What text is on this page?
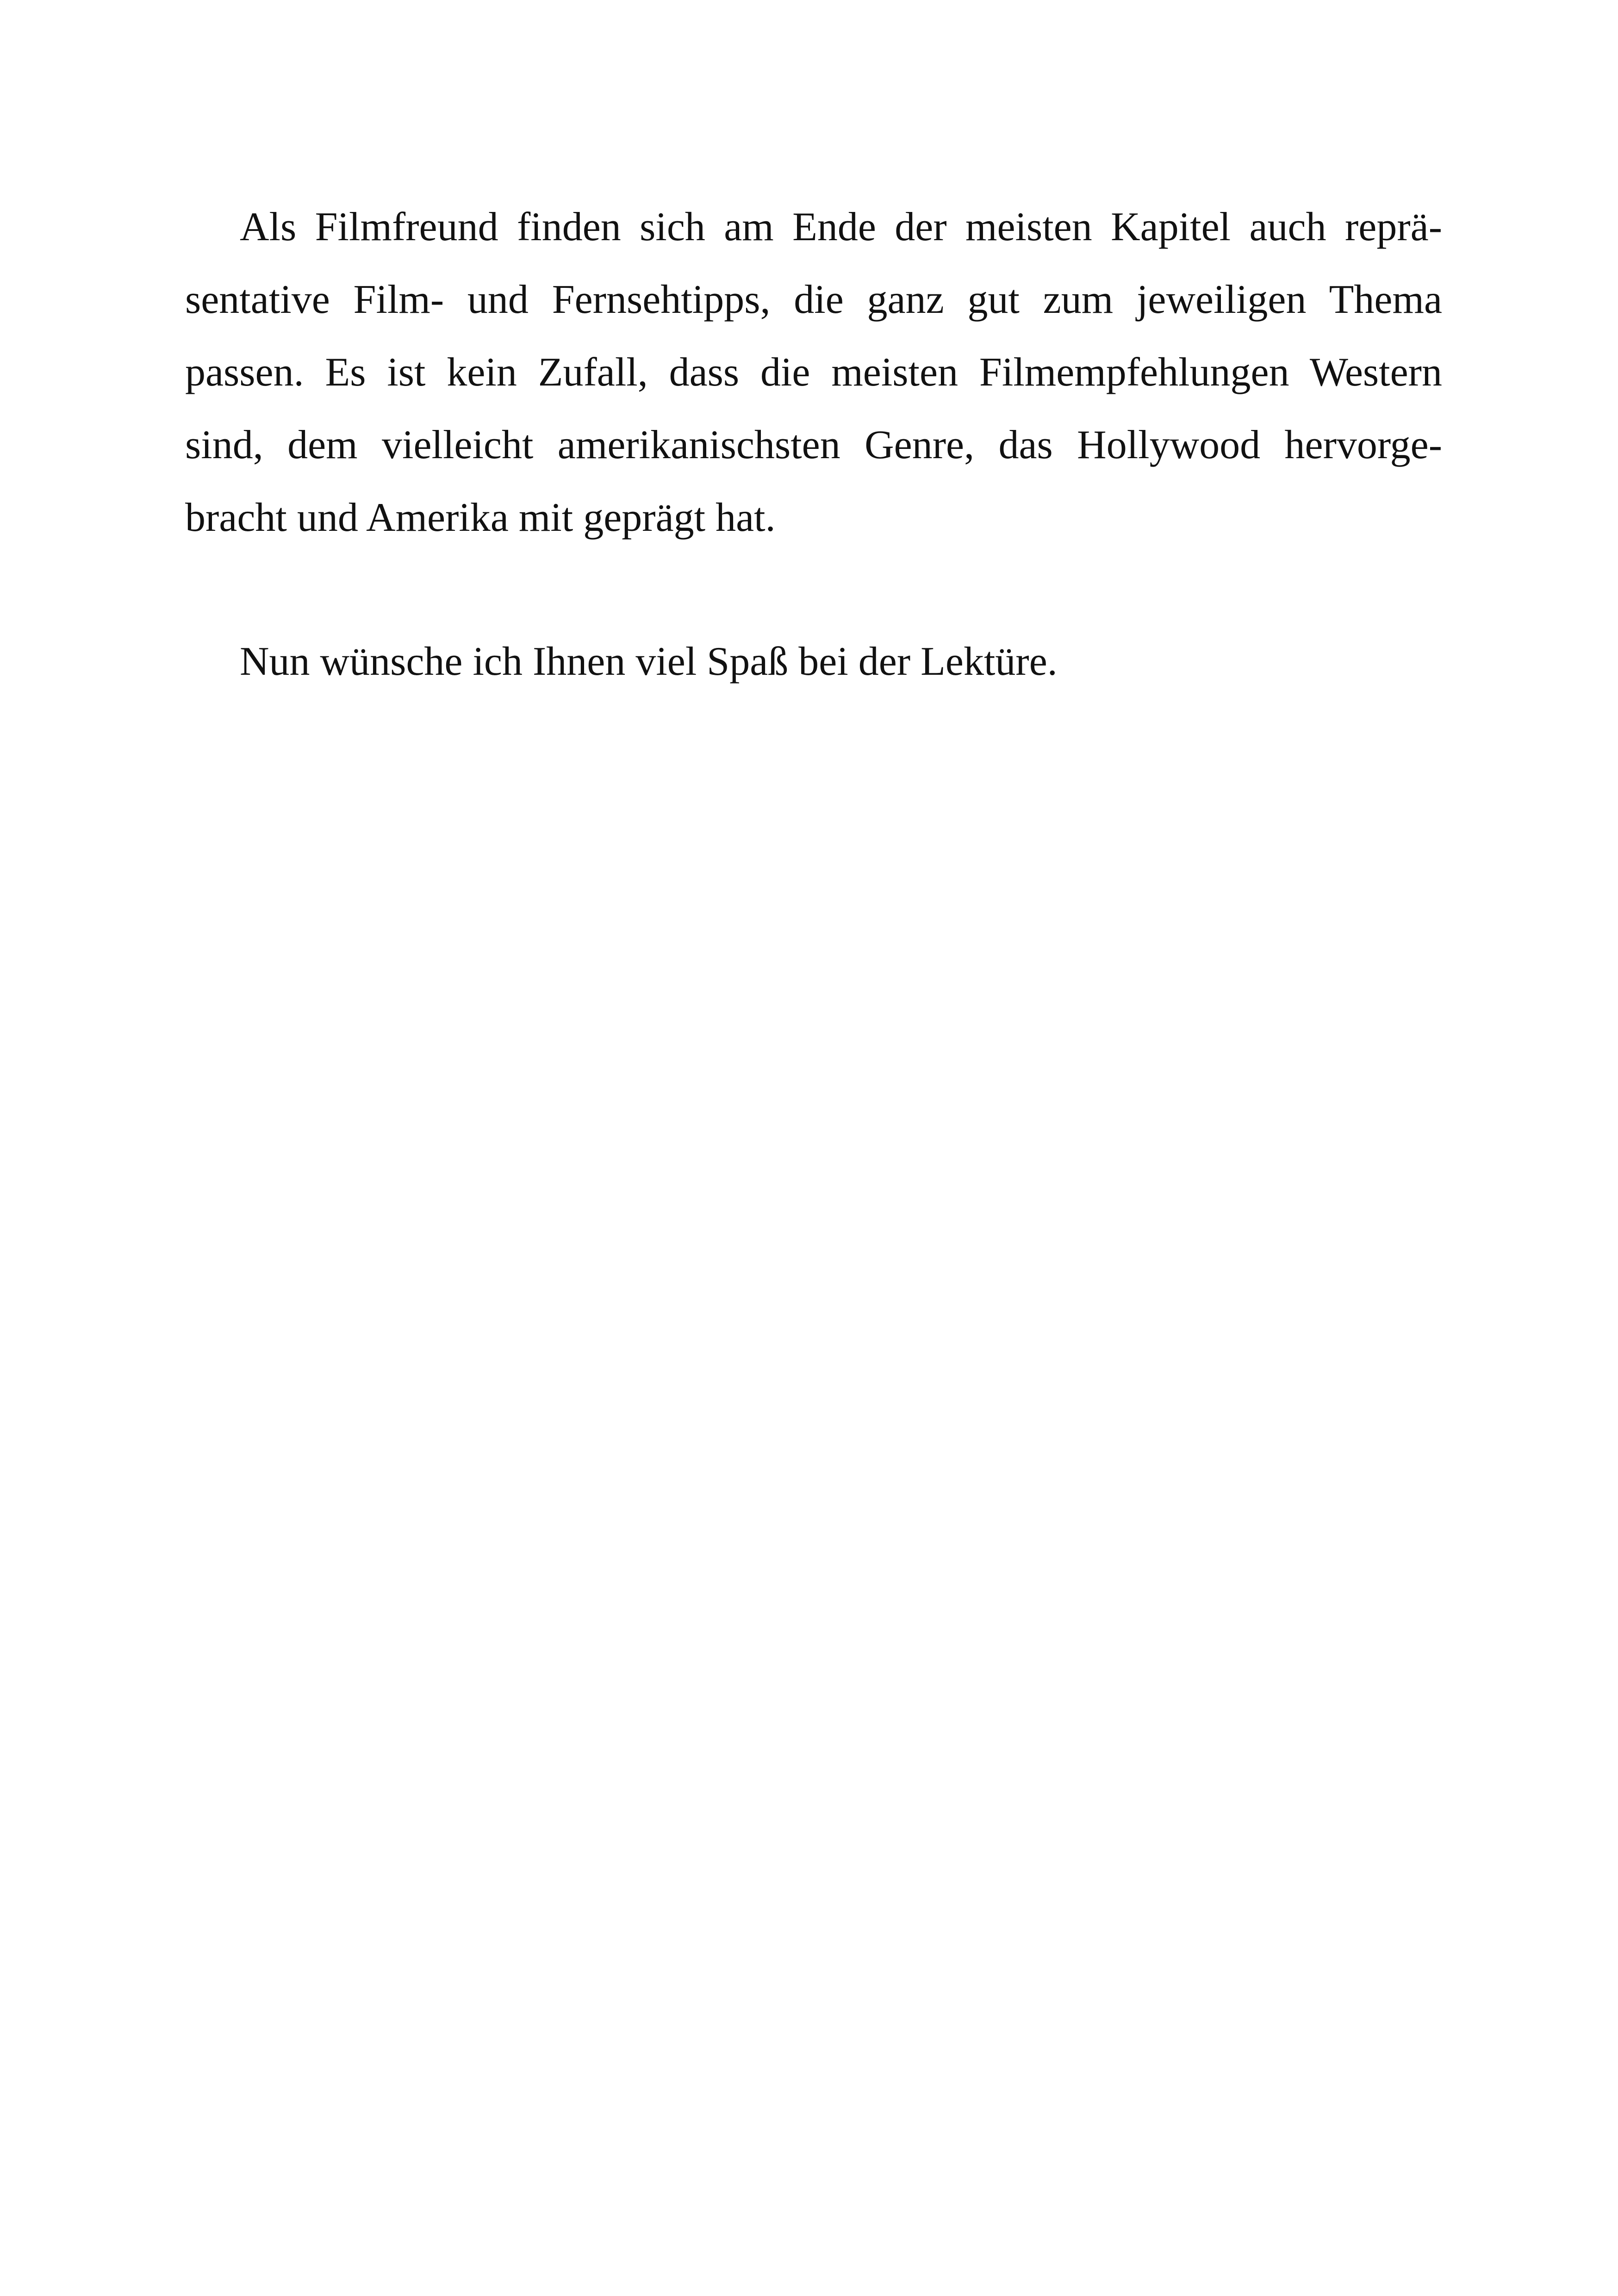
Als Filmfreund finden sich am Ende der meisten Kapitel auch reprä-
sentative Film- und Fernsehtipps, die ganz gut zum jeweiligen Thema
passen. Es ist kein Zufall, dass die meisten Filmempfehlungen Western
sind, dem vielleicht amerikanischsten Genre, das Hollywood hervorge-
bracht und Amerika mit geprägt hat.
Nun wünsche ich Ihnen viel Spaß bei der Lektüre.
